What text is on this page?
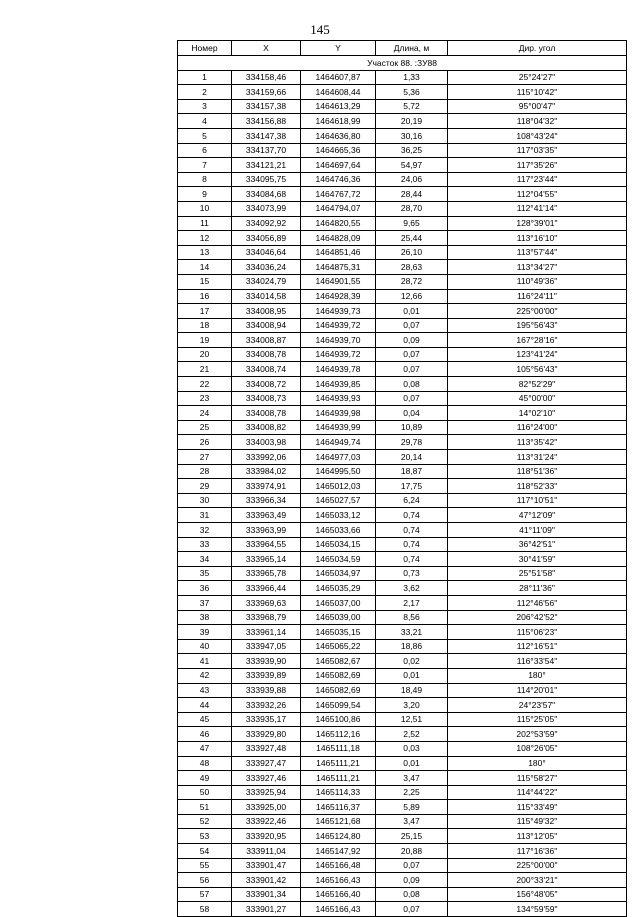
145
Номер	X	Y	Длина, м	Дир. угол
Участок 88. :ЗУ88				
1	334158,46	1464607,87	1,33	25°24'27"
2	334159,66	1464608,44	5,36	115°10'42"
3	334157,38	1464613,29	5,72	95°00'47"
4	334156,88	1464618,99	20,19	118°04'32"
5	334147,38	1464636,80	30,16	108°43'24"
6	334137,70	1464665,36	36,25	117°03'35"
7	334121,21	1464697,64	54,97	117°35'26"
8	334095,75	1464746,36	24,06	117°23'44"
9	334084,68	1464767,72	28,44	112°04'55"
10	334073,99	1464794,07	28,70	112°41'14"
11	334092,92	1464820,55	9,65	128°39'01"
12	334056,89	1464828,09	25,44	113°16'10"
13	334046,64	1464851,46	26,10	113°57'44"
14	334036,24	1464875,31	28,63	113°34'27"
15	334024,79	1464901,55	28,72	110°49'36"
16	334014,58	1464928,39	12,66	116°24'11"
17	334008,95	1464939,73	0,01	225°00'00"
18	334008,94	1464939,72	0,07	195°56'43"
19	334008,87	1464939,70	0,09	167°28'16"
20	334008,78	1464939,72	0,07	123°41'24"
21	334008,74	1464939,78	0,07	105°56'43"
22	334008,72	1464939,85	0,08	82°52'29"
23	334008,73	1464939,93	0,07	45°00'00"
24	334008,78	1464939,98	0,04	14°02'10"
25	334008,82	1464939,99	10,89	116°24'00"
26	334003,98	1464949,74	29,78	113°35'42"
27	333992,06	1464977,03	20,14	113°31'24"
28	333984,02	1464995,50	18,87	118°51'36"
29	333974,91	1465012,03	17,75	118°52'33"
30	333966,34	1465027,57	6,24	117°10'51"
31	333963,49	1465033,12	0,74	47°12'09"
32	333963,99	1465033,66	0,74	41°11'09"
33	333964,55	1465034,15	0,74	36°42'51"
34	333965,14	1465034,59	0,74	30°41'59"
35	333965,78	1465034,97	0,73	25°51'58"
36	333966,44	1465035,29	3,62	28°11'36"
37	333969,63	1465037,00	2,17	112°46'56"
38	333968,79	1465039,00	8,56	206°42'52"
39	333961,14	1465035,15	33,21	115°06'23"
40	333947,05	1465065,22	18,86	112°16'51"
41	333939,90	1465082,67	0,02	116°33'54"
42	333939,89	1465082,69	0,01	180°
43	333939,88	1465082,69	18,49	114°20'01"
44	333932,26	1465099,54	3,20	24°23'57"
45	333935,17	1465100,86	12,51	115°25'05"
46	333929,80	1465112,16	2,52	202°53'59"
47	333927,48	1465111,18	0,03	108°26'05"
48	333927,47	1465111,21	0,01	180°
49	333927,46	1465111,21	3,47	115°58'27"
50	333925,94	1465114,33	2,25	114°44'22"
51	333925,00	1465116,37	5,89	115°33'49"
52	333922,46	1465121,68	3,47	115°49'32"
53	333920,95	1465124,80	25,15	113°12'05"
54	333911,04	1465147,92	20,88	117°16'36"
55	333901,47	1465166,48	0,07	225°00'00"
56	333901,42	1465166,43	0,09	200°33'21"
57	333901,34	1465166,40	0,08	156°48'05"
58	333901,27	1465166,43	0,07	134°59'59"
